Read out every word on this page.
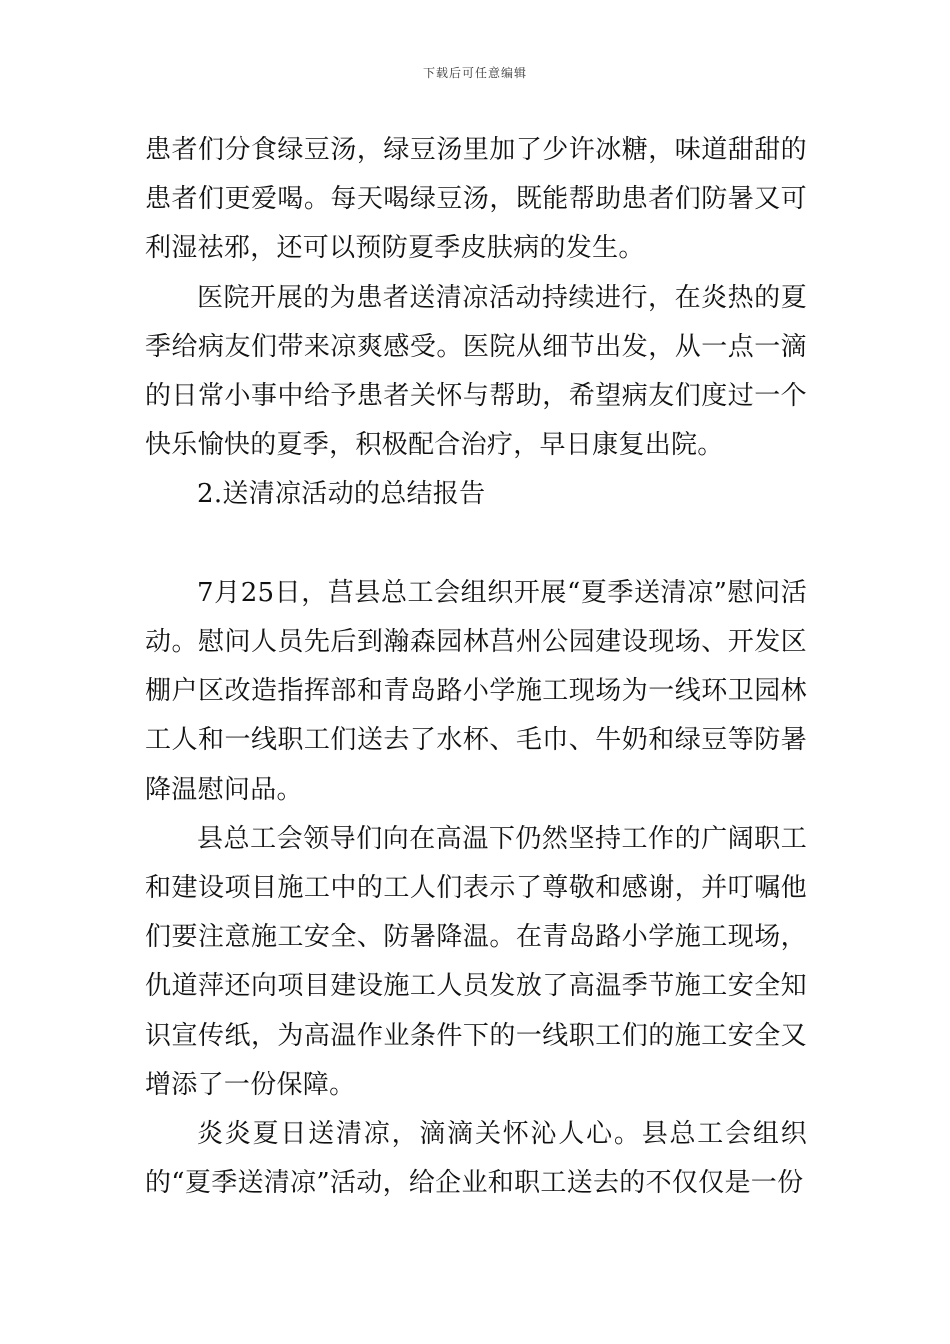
下载后可任意编辑

患者们分食绿豆汤，绿豆汤里加了少许冰糖，味道甜甜的患者们更爱喝。每天喝绿豆汤，既能帮助患者们防暑又可利湿祛邪，还可以预防夏季皮肤病的发生。

医院开展的为患者送清凉活动持续进行，在炎热的夏季给病友们带来凉爽感受。医院从细节出发，从一点一滴的日常小事中给予患者关怀与帮助，希望病友们度过一个快乐愉快的夏季，积极配合治疗，早日康复出院。

2.送清凉活动的总结报告

7月25日，莒县总工会组织开展“夏季送清凉”慰问活动。慰问人员先后到瀚森园林莒州公园建设现场、开发区棚户区改造指挥部和青岛路小学施工现场为一线环卫园林工人和一线职工们送去了水杯、毛巾、牛奶和绿豆等防暑降温慰问品。

县总工会领导们向在高温下仍然坚持工作的广阔职工和建设项目施工中的工人们表示了尊敬和感谢，并叮嘱他们要注意施工安全、防暑降温。在青岛路小学施工现场，仇道萍还向项目建设施工人员发放了高温季节施工安全知识宣传纸，为高温作业条件下的一线职工们的施工安全又增添了一份保障。

炎炎夏日送清凉，滴滴关怀沁人心。县总工会组织的“夏季送清凉”活动，给企业和职工送去的不仅仅是一份
